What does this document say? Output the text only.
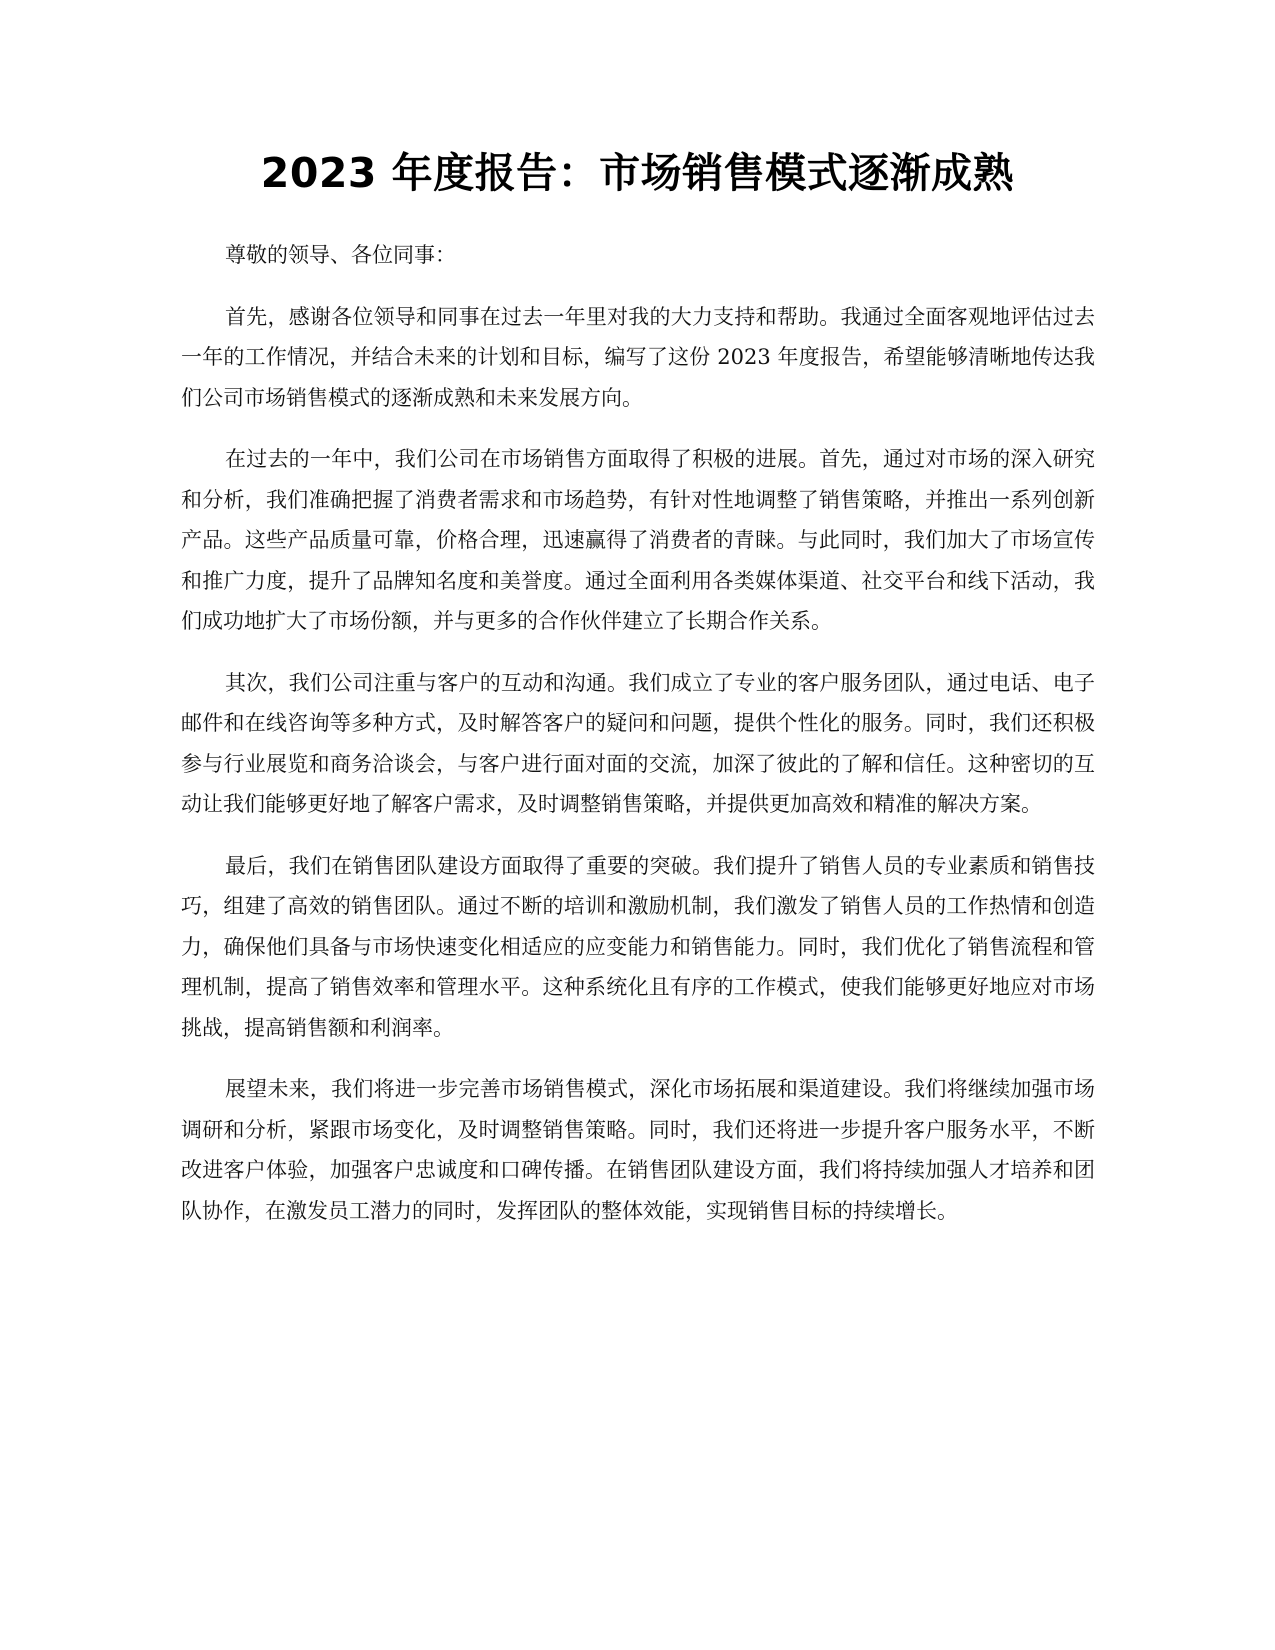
2023 年度报告：市场销售模式逐渐成熟

尊敬的领导、各位同事：

首先，感谢各位领导和同事在过去一年里对我的大力支持和帮助。我通过全面客观地评估过去一年的工作情况，并结合未来的计划和目标，编写了这份 2023 年度报告，希望能够清晰地传达我们公司市场销售模式的逐渐成熟和未来发展方向。

在过去的一年中，我们公司在市场销售方面取得了积极的进展。首先，通过对市场的深入研究和分析，我们准确把握了消费者需求和市场趋势，有针对性地调整了销售策略，并推出一系列创新产品。这些产品质量可靠，价格合理，迅速赢得了消费者的青睐。与此同时，我们加大了市场宣传和推广力度，提升了品牌知名度和美誉度。通过全面利用各类媒体渠道、社交平台和线下活动，我们成功地扩大了市场份额，并与更多的合作伙伴建立了长期合作关系。

其次，我们公司注重与客户的互动和沟通。我们成立了专业的客户服务团队，通过电话、电子邮件和在线咨询等多种方式，及时解答客户的疑问和问题，提供个性化的服务。同时，我们还积极参与行业展览和商务洽谈会，与客户进行面对面的交流，加深了彼此的了解和信任。这种密切的互动让我们能够更好地了解客户需求，及时调整销售策略，并提供更加高效和精准的解决方案。

最后，我们在销售团队建设方面取得了重要的突破。我们提升了销售人员的专业素质和销售技巧，组建了高效的销售团队。通过不断的培训和激励机制，我们激发了销售人员的工作热情和创造力，确保他们具备与市场快速变化相适应的应变能力和销售能力。同时，我们优化了销售流程和管理机制，提高了销售效率和管理水平。这种系统化且有序的工作模式，使我们能够更好地应对市场挑战，提高销售额和利润率。

展望未来，我们将进一步完善市场销售模式，深化市场拓展和渠道建设。我们将继续加强市场调研和分析，紧跟市场变化，及时调整销售策略。同时，我们还将进一步提升客户服务水平，不断改进客户体验，加强客户忠诚度和口碑传播。在销售团队建设方面，我们将持续加强人才培养和团队协作，在激发员工潜力的同时，发挥团队的整体效能，实现销售目标的持续增长。
